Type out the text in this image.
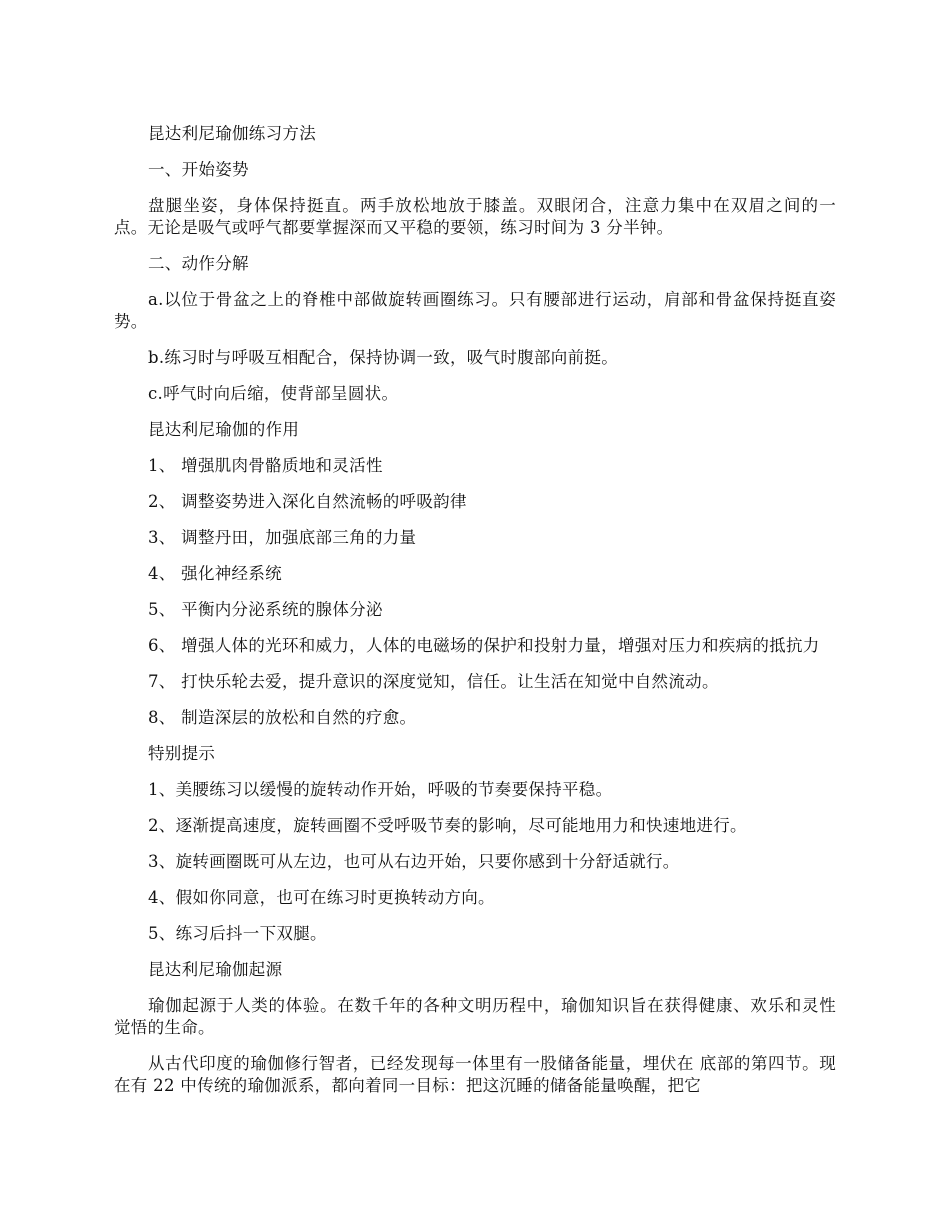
昆达利尼瑜伽练习方法

一、开始姿势

盘腿坐姿，身体保持挺直。两手放松地放于膝盖。双眼闭合，注意力集中在双眉之间的一点。无论是吸气或呼气都要掌握深而又平稳的要领，练习时间为 3 分半钟。

二、动作分解

a.以位于骨盆之上的脊椎中部做旋转画圈练习。只有腰部进行运动，肩部和骨盆保持挺直姿势。

b.练习时与呼吸互相配合，保持协调一致，吸气时腹部向前挺。

c.呼气时向后缩，使背部呈圆状。

昆达利尼瑜伽的作用

1、 增强肌肉骨骼质地和灵活性

2、 调整姿势进入深化自然流畅的呼吸韵律

3、 调整丹田，加强底部三角的力量

4、 强化神经系统

5、 平衡内分泌系统的腺体分泌

6、 增强人体的光环和威力，人体的电磁场的保护和投射力量，增强对压力和疾病的抵抗力

7、 打快乐轮去爱，提升意识的深度觉知，信任。让生活在知觉中自然流动。

8、 制造深层的放松和自然的疗愈。

特别提示

1、美腰练习以缓慢的旋转动作开始，呼吸的节奏要保持平稳。

2、逐渐提高速度，旋转画圈不受呼吸节奏的影响，尽可能地用力和快速地进行。

3、旋转画圈既可从左边，也可从右边开始，只要你感到十分舒适就行。

4、假如你同意，也可在练习时更换转动方向。

5、练习后抖一下双腿。

昆达利尼瑜伽起源

瑜伽起源于人类的体验。在数千年的各种文明历程中，瑜伽知识旨在获得健康、欢乐和灵性觉悟的生命。

从古代印度的瑜伽修行智者，已经发现每一体里有一股储备能量，埋伏在 底部的第四节。现在有 22 中传统的瑜伽派系，都向着同一目标：把这沉睡的储备能量唤醒，把它
